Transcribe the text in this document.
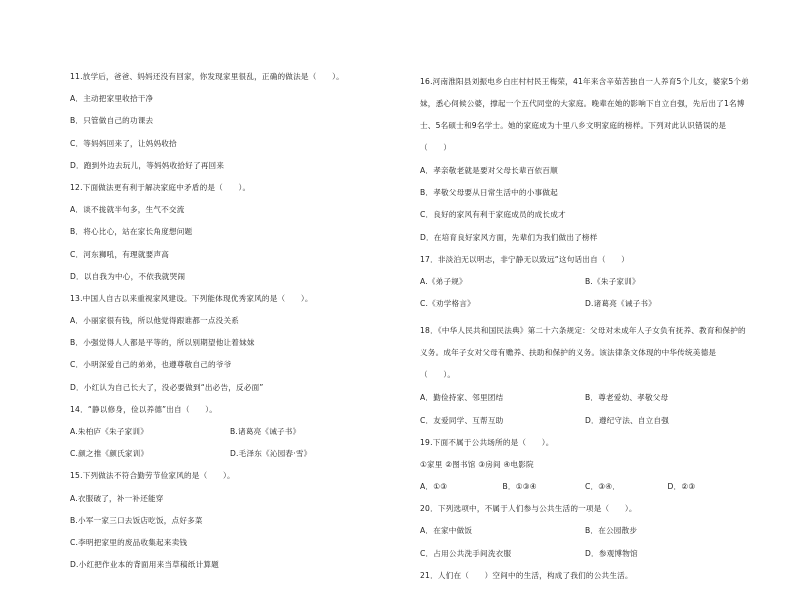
11.放学后，爸爸、妈妈还没有回家，你发现家里很乱，正确的做法是（　　）。
A．主动把家里收拾干净
B．只管做自己的功课去
C．等妈妈回来了，让妈妈收拾
D．跑到外边去玩儿，等妈妈收拾好了再回来
12.下面做法更有利于解决家庭中矛盾的是（　　）。
A．谈不拢就半句多，生气不交流
B．将心比心，站在家长角度想问题
C．河东狮吼，有理就要声高
D．以自我为中心，不依我就哭闹
13.中国人自古以来重视家风建设。下列能体现优秀家风的是（　　）。
A．小丽家很有钱，所以他觉得跟谁都一点没关系
B．小强觉得人人都是平等的，所以别期望他让着妹妹
C．小明深爱自己的弟弟，也遵尊敬自己的爷爷
D．小红认为自己长大了，没必要做到“出必告，反必面”
14．“静以修身，俭以养德”出自（　　）。
A.朱柏庐《朱子家训》	B.诸葛亮《诫子书》
C.颜之推《颜氏家训》	D.毛泽东《沁园春·雪》
15.下列做法不符合勤劳节俭家风的是（　　）。
A.衣服破了，补一补还能穿
B.小军一家三口去饭店吃饭，点好多菜
C.李明把家里的废品收集起来卖钱
D.小红把作业本的背面用来当草稿纸计算题
16.河南淮阳县刘振电乡白庄村村民王梅荣，41年来含辛茹苦独自一人养育5个儿女，婆家5个弟妹，悉心伺候公婆，撑起一个五代同堂的大家庭。晚辈在她的影响下自立自强，先后出了1名博士、5名硕士和9名学士。她的家庭成为十里八乡文明家庭的榜样。下列对此认识错误的是（　　）
A．孝亲敬老就是要对父母长辈百依百顺
B．孝敬父母要从日常生活中的小事做起
C．良好的家风有利于家庭成员的成长成才
D．在培育良好家风方面，先辈们为我们做出了榜样
17．非淡泊无以明志，非宁静无以致远“这句话出自（　　）
A.《弟子规》	B.《朱子家训》
C.《劝学格言》	D.诸葛亮《诫子书》
18．《中华人民共和国民法典》第二十六条规定：父母对未成年人子女负有抚养、教育和保护的义务。成年子女对父母有赡养、扶助和保护的义务。该法律条文体现的中华传统美德是（　　）。
A．勤俭持家、邻里团结	B．尊老爱幼、孝敬父母
C．友爱同学、互帮互助	D．遵纪守法、自立自强
19.下面不属于公共场所的是（　　）。
①家里 ②图书馆 ③房间 ④电影院
A．①③	B．①③④	C．③④．	D．②③
20．下列选项中，不属于人们参与公共生活的一项是（　　）。
A．在家中做饭	B．在公园散步
C．占用公共洗手间洗衣服	D．参观博物馆
21．人们在（　　）空间中的生活，构成了我们的公共生活。
